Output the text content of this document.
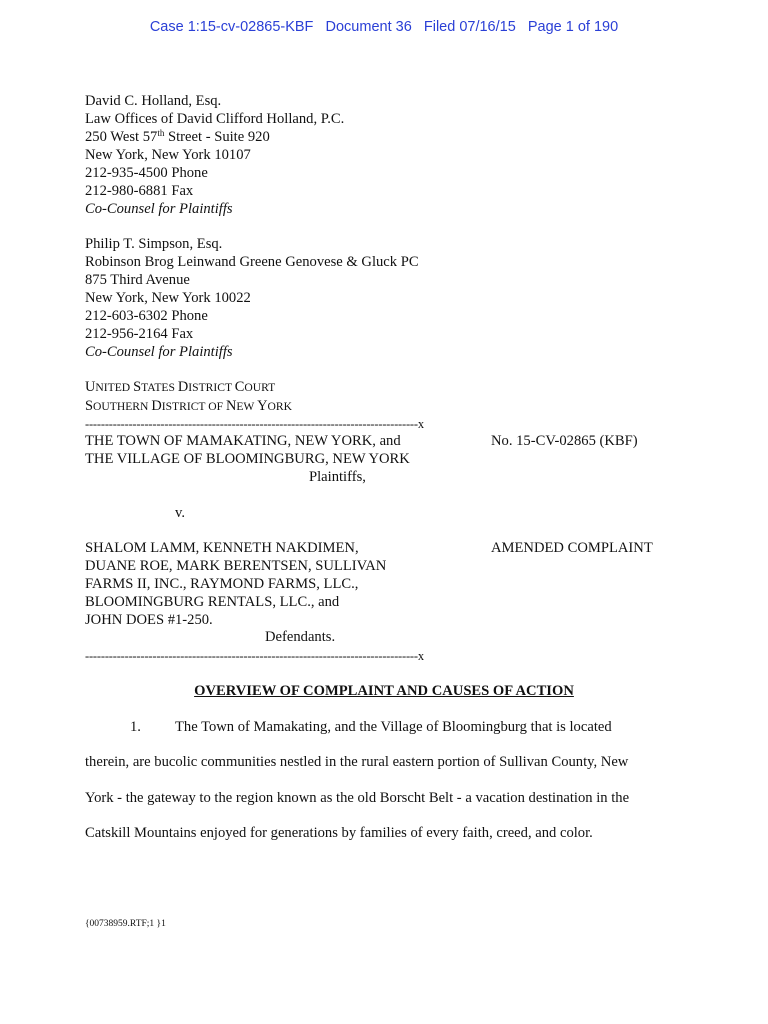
Case 1:15-cv-02865-KBF Document 36 Filed 07/16/15 Page 1 of 190
David C. Holland, Esq.
Law Offices of David Clifford Holland, P.C.
250 West 57th Street - Suite 920
New York, New York 10107
212-935-4500 Phone
212-980-6881 Fax
Co-Counsel for Plaintiffs
Philip T. Simpson, Esq.
Robinson Brog Leinwand Greene Genovese & Gluck PC
875 Third Avenue
New York, New York 10022
212-603-6302 Phone
212-956-2164 Fax
Co-Counsel for Plaintiffs
UNITED STATES DISTRICT COURT
SOUTHERN DISTRICT OF NEW YORK
------------------------------------------------------------------------------------x
THE TOWN OF MAMAKATING, NEW YORK, and
THE VILLAGE OF BLOOMINGBURG, NEW YORK
Plaintiffs,
No. 15-CV-02865 (KBF)
v.
SHALOM LAMM, KENNETH NAKDIMEN,
DUANE ROE, MARK BERENTSEN, SULLIVAN
FARMS II, INC., RAYMOND FARMS, LLC.,
BLOOMINGBURG RENTALS, LLC., and
JOHN DOES #1-250.
Defendants.
AMENDED COMPLAINT
------------------------------------------------------------------------------------x
OVERVIEW OF COMPLAINT AND CAUSES OF ACTION
1. The Town of Mamakating, and the Village of Bloomingburg that is located
therein, are bucolic communities nestled in the rural eastern portion of Sullivan County, New
York - the gateway to the region known as the old Borscht Belt - a vacation destination in the
Catskill Mountains enjoyed for generations by families of every faith, creed, and color.
{00738959.RTF;1 }1
